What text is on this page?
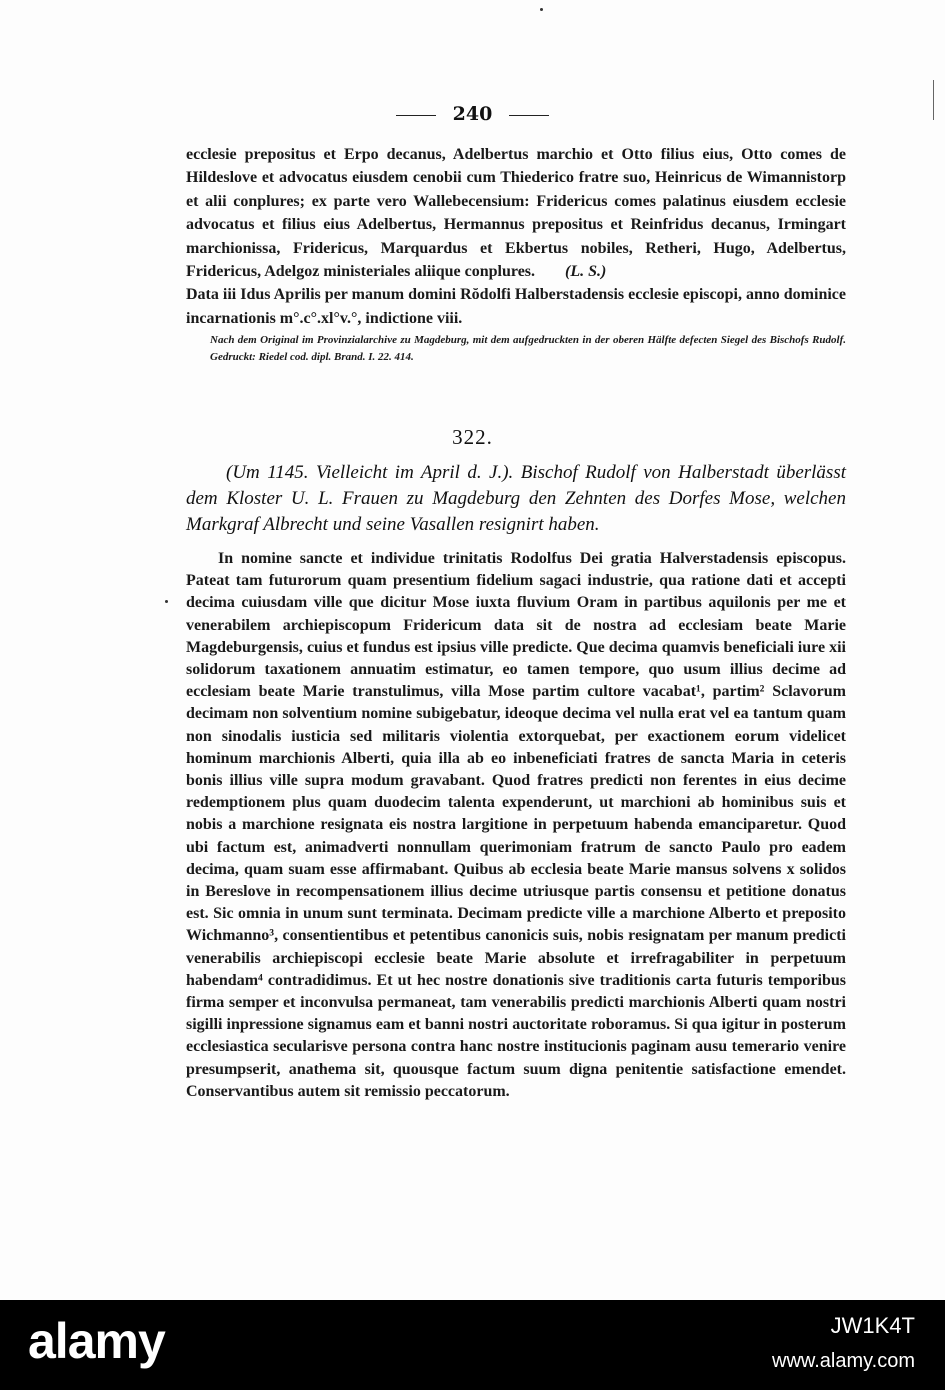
240

ecclesie prepositus et Erpo decanus, Adelbertus marchio et Otto filius eius, Otto comes de Hildeslove et advocatus eiusdem cenobii cum Thiederico fratre suo, Heinricus de Wimannistorp et alii conplures; ex parte vero Wallebecensium: Fridericus comes palatinus eiusdem ecclesie advocatus et filius eius Adelbertus, Hermannus prepositus et Reinfridus decanus, Irmingart marchionissa, Fridericus, Marquardus et Ekbertus nobiles, Retheri, Hugo, Adelbertus, Fridericus, Adelgoz ministeriales aliique conplures. (L. S.)

Data iii Idus Aprilis per manum domini Rŏdolfi Halberstadensis ecclesie episcopi, anno dominice incarnationis m°.c°.xl°v.°, indictione viii.

Nach dem Original im Provinzialarchive zu Magdeburg, mit dem aufgedruckten in der oberen Hälfte defecten Siegel des Bischofs Rudolf. Gedruckt: Riedel cod. dipl. Brand. I. 22. 414.
322.
(Um 1145. Vielleicht im April d. J.). Bischof Rudolf von Halberstadt überlässt dem Kloster U. L. Frauen zu Magdeburg den Zehnten des Dorfes Mose, welchen Markgraf Albrecht und seine Vasallen resignirt haben.

In nomine sancte et individue trinitatis Rodolfus Dei gratia Halverstadensis episcopus. Pateat tam futurorum quam presentium fidelium sagaci industrie, qua ratione dati et accepti decima cuiusdam ville que dicitur Mose iuxta fluvium Oram in partibus aquilonis per me et venerabilem archiepiscopum Fridericum data sit de nostra ad ecclesiam beate Marie Magdeburgensis, cuius et fundus est ipsius ville predicte. Que decima quamvis beneficiali iure xii solidorum taxationem annuatim estimatur, eo tamen tempore, quo usum illius decime ad ecclesiam beate Marie transtulimus, villa Mose partim cultore vacabat¹, partim² Sclavorum decimam non solventium nomine subigebatur, ideoque decima vel nulla erat vel ea tantum quam non sinodalis iusticia sed militaris violentia extorquebat, per exactionem eorum videlicet hominum marchionis Alberti, quia illa ab eo inbeneficiati fratres de sancta Maria in ceteris bonis illius ville supra modum gravabant. Quod fratres predicti non ferentes in eius decime redemptionem plus quam duodecim talenta expenderunt, ut marchioni ab hominibus suis et nobis a marchione resignata eis nostra largitione in perpetuum habenda emanciparetur. Quod ubi factum est, animadverti nonnullam querimoniam fratrum de sancto Paulo pro eadem decima, quam suam esse affirmabant. Quibus ab ecclesia beate Marie mansus solvens x solidos in Bereslove in recompensationem illius decime utriusque partis consensu et petitione donatus est. Sic omnia in unum sunt terminata. Decimam predicte ville a marchione Alberto et preposito Wichmanno³, consentientibus et petentibus canonicis suis, nobis resignatam per manum predicti venerabilis archiepiscopi ecclesie beate Marie absolute et irrefragabiliter in perpetuum habendam⁴ contradidimus. Et ut hec nostre donationis sive traditionis carta futuris temporibus firma semper et inconvulsa permaneat, tam venerabilis predicti marchionis Alberti quam nostri sigilli inpressione signamus eam et banni nostri auctoritate roboramus. Si qua igitur in posterum ecclesiastica secularisve persona contra hanc nostre institucionis paginam ausu temerario venire presumpserit, anathema sit, quousque factum suum digna penitentie satisfactione emendet. Conservantibus autem sit remissio peccatorum.

alamy	JW1K4T
www.alamy.com
